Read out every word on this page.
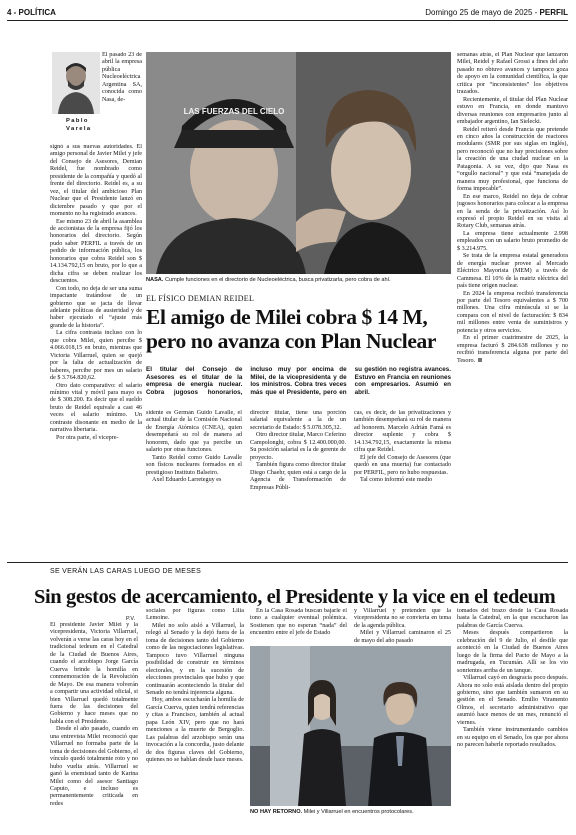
4 - POLÍTICA	Domingo 25 de mayo de 2025 - PERFIL
Pablo
Varela

El pasado 23 de abril la empresa pública Nucleoeléctrica Argentina SA, conocida como Nasa, de-

signó a sus nuevas autoridades. El amigo personal de Javier Milei y jefe del Consejo de Asesores, Demian Reidel, fue nombrado como presidente de la compañía y quedó al frente del directorio. Reidel es, a su vez, el titular del ambicioso Plan Nuclear que el Presidente lanzó en diciembre pasado y que por el momento no ha registrado avances.

Ese mismo 23 de abril la asamblea de accionistas de la empresa fijó los honorarios del directorio. Según pudo saber PERFIL a través de un pedido de información pública, los honorarios que cobra Reidel son $ 14.134.792,15 en bruto, por lo que a dicha cifra se deben realizar los descuentos.

Con todo, no deja de ser una suma impactante tratándose de un gobierno que se jacta de llevar adelante políticas de austeridad y de haber ejecutado el “ajuste más grande de la historia”.

La cifra contrasta incluso con lo que cobra Milei, quien percibe $ 4.066.018,15 en bruto, mientras que Victoria Villarruel, quien se quejó por la falta de actualización de haberes, percibe por mes un salario de $ 3.764.820,62.

Otro dato comparativo: el salario mínimo vital y móvil para mayo es de $ 308.200. Es decir que el sueldo bruto de Reidel equivale a casi 46 veces el salario mínimo. Un contraste disonante en medio de la narrativa libertaria.

Por otra parte, el vicepre-

LAS FUERZAS DEL CIELO
NASA. Cumple funciones en el directorio de Nucleoeléctrica, busca privatizarla, pero cobra de ahí.
EL FÍSICO DEMIAN REIDEL
El amigo de Milei cobra $ 14 M, pero no avanza con Plan Nuclear
El titular del Consejo de Asesores es el titular de la empresa de energía nuclear. Cobra jugosos honorarios, incluso muy por encima de Milei, de la vicepresidenta y de los ministros. Cobra tres veces más que el Presidente, pero en su gestión no registra avances. Estuvo en Francia en reuniones con empresarios. Asumió en abril.

sidente es Germán Guido Lavalle, el actual titular de la Comisión Nacional de Energía Atómica (CNEA), quien desempeñará su rol de manera ad honorem, dado que ya percibe un salario por otras funciones.

Tanto Reidel como Guido Lavalle son físicos nucleares formados en el prestigioso Instituto Balseiro.

Axel Eduardo Larreteguy es

director titular, tiene una porción salarial equivalente a la de un secretario de Estado: $ 5.078.305,32.

Otro director titular, Marco Ceferino Campolonghi, cobra $ 12.400.000,00. Su posición salarial es la de gerente de proyecto.

También figura como director titular Diego Chaehr, quien está a cargo de la Agencia de Transformación de Empresas Públi-

cas, es decir, de las privatizaciones y también desempeñará su rol de manera ad honorem. Marcelo Adrián Famá es director suplente y cobra $ 14.134.792,15, exactamente la misma cifra que Reidel.

El jefe del Consejo de Asesores (que quedó en una muerta) fue contactado por PERFIL, pero no hubo respuestas.

Tal como informó este medio

semanas atrás, el Plan Nuclear que lanzaron Milei, Reidel y Rafael Grossi a fines del año pasado no obtuvo avances y tampoco goza de apoyo en la comunidad científica, la que critica por “inconsistentes” los objetivos trazados.

Recientemente, el titular del Plan Nuclear estuvo en Francia, en donde mantuvo diversas reuniones con empresarios junto al embajador argentino, Ian Sielecki.

Reidel reiteró desde Francia que pretende en cinco años la construcción de reactores modulares (SMR por sus siglas en inglés), pero reconoció que no hay precisiones sobre la creación de una ciudad nuclear en la Patagonia. A su vez, dijo que Nasa es “orgullo nacional” y que está “manejada de manera muy profesional, que funciona de forma impecable”.

En ese marco, Reidel no deja de cobrar jugosos honorarios para colocar a la empresa en la senda de la privatización. Así lo expresó el propio Reidel en su visita al Rotary Club, semanas atrás.

La empresa tiene actualmente 2.998 empleados con un salario bruto promedio de $ 3.214.975.

Se trata de la empresa estatal generadora de energía nuclear provee al Mercado Eléctrico Mayorista (MEM) a través de Cammesa. El 10% de la matriz eléctrica del país tiene origen nuclear.

En 2024 la empresa recibió transferencia por parte del Tesoro equivalentes a $ 700 millones. Una cifra minúscula si se la compara con el nivel de facturación: $ 834 mil millones entre venta de suministros y potencia y otros servicios.

En el primer cuatrimestre de 2025, la empresa facturó $ 284.638 millones y no recibió transferencia alguna por parte del Tesoro.

SE VERÁN LAS CARAS LUEGO DE MESES
Sin gestos de acercamiento, el Presidente y la vice en el tedeum
P.V.

El presidente Javier Milei y la vicepresidenta, Victoria Villarruel, volverán a verse las caras hoy en el tradicional tedeum en el Catedral de la Ciudad de Buenos Aires, cuando el arzobispo Jorge García Cuerva brinde la homilía en conmemoración de la Revolución de Mayo. De esa manera volverán a compartir una actividad oficial, si bien Villarruel quedó totalmente fuera de las decisiones del Gobierno y hace meses que no habla con el Presidente.

Desde el año pasado, cuando en una entrevista Milei reconoció que Villarruel no formaba parte de la toma de decisiones del Gobierno, el vínculo quedó totalmente roto y no hubo vuelta atrás. Villarruel se ganó la enemistad tanto de Karina Milei como del asesor Santiago Caputo, e incluso es permanentemente criticada en redes

sociales por figuras como Lilia Lemoine.

Milei no solo aisló a Villarruel, la relegó al Senado y la dejó fuera de la toma de decisiones tanto del Gobierno como de las negociaciones legislativas. Tampoco tuvo Villarruel ninguna posibilidad de construir en términos electorales, y en la sucesión de elecciones provinciales que hubo y que continuarán aconteciendo la titular del Senado no tendrá injerencia alguna.

Hoy, ambos escucharán la homilía de García Cuerva, quien tendrá referencias y citas a Francisco, también al actual papa León XIV, pero que no hará menciones a la muerte de Bergoglio. Las palabras del arzobispo serán una invocación a la concordia, justo delante de dos figuras claves del Gobierno, quienes no se hablan desde hace meses.

En la Casa Rosada buscan bajarle el tono a cualquier eventual polémica. Sostienen que no esperan “nada” del encuentro entre el jefe de Estado

y Villarruel y pretenden que la vicepresidenta no se convierta en tema de la agenda pública.

Milei y Villarruel caminaron el 25 de mayo del año pasado

NO HAY RETORNO. Milei y Villarruel en encuentros protocolares.

tomados del brazo desde la Casa Rosada hasta la Catedral, en la que escucharon las palabras de García Cuerva.

Meses después compartieron la celebración del 9 de Julio, el desfile que aconteció en la Ciudad de Buenos Aires luego de la firma del Pacto de Mayo a la madrugada, en Tucumán. Allí se los vio sonrientes arriba de un tanque.

Villarruel cayó en desgracia poco después. Ahora no solo está aislada dentro del propio gobierno, sino que también sumaron en su gestión en el Senado. Emilio Viramento Olmos, el secretario administrativo que asumió hace menos de un mes, renunció el viernes.

También viene instrumentando cambios en su equipo en el Senado, los que por ahora no parecen haberle reportado resultados.
